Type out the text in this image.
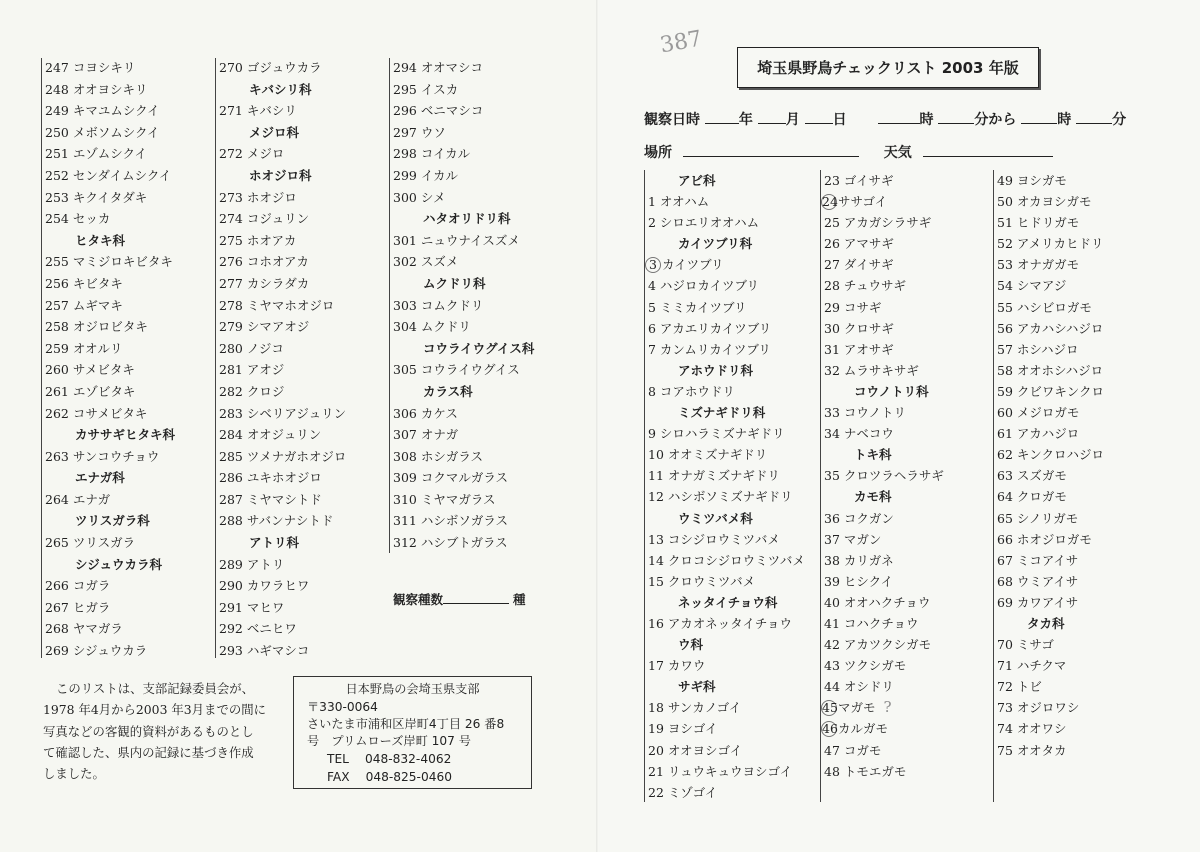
247 コヨシキリ
248 オオヨシキリ
249 キマユムシクイ
250 メボソムシクイ
251 エゾムシクイ
252 センダイムシクイ
253 キクイタダキ
254 セッカ
ヒタキ科
255 マミジロキビタキ
256 キビタキ
257 ムギマキ
258 オジロビタキ
259 オオルリ
260 サメビタキ
261 エゾビタキ
262 コサメビタキ
カササギヒタキ科
263 サンコウチョウ
エナガ科
264 エナガ
ツリスガラ科
265 ツリスガラ
シジュウカラ科
266 コガラ
267 ヒガラ
268 ヤマガラ
269 シジュウカラ
270 ゴジュウカラ
キバシリ科
271 キバシリ
メジロ科
272 メジロ
ホオジロ科
273 ホオジロ
274 コジュリン
275 ホオアカ
276 コホオアカ
277 カシラダカ
278 ミヤマホオジロ
279 シマアオジ
280 ノジコ
281 アオジ
282 クロジ
283 シベリアジュリン
284 オオジュリン
285 ツメナガホオジロ
286 ユキホオジロ
287 ミヤマシトド
288 サバンナシトド
アトリ科
289 アトリ
290 カワラヒワ
291 マヒワ
292 ベニヒワ
293 ハギマシコ
294 オオマシコ
295 イスカ
296 ベニマシコ
297 ウソ
298 コイカル
299 イカル
300 シメ
ハタオリドリ科
301 ニュウナイスズメ
302 スズメ
ムクドリ科
303 コムクドリ
304 ムクドリ
コウライウグイス科
305 コウライウグイス
カラス科
306 カケス
307 オナガ
308 ホシガラス
309 コクマルガラス
310 ミヤマガラス
311 ハシボソガラス
312 ハシブトガラス
観察種数	種
このリストは、支部記録委員会が、
1978 年4月から2003 年3月までの間に
写真などの客観的資料があるものとし
て確認した、県内の記録に基づき作成
しました。
日本野鳥の会埼玉県支部
〒330-0064
さいたま市浦和区岸町4丁目 26 番8
号　プリムローズ岸町 107 号
TEL　 048-832-4062
FAX　 048-825-0460
387
埼玉県野鳥チェックリスト 2003 年版
観察日時	年 月 日	時	分から	時	分
場所	天気
アビ科
1 オオハム
2 シロエリオオハム
カイツブリ科
3 カイツブリ
4 ハジロカイツブリ
5 ミミカイツブリ
6 アカエリカイツブリ
7 カンムリカイツブリ
アホウドリ科
8 コアホウドリ
ミズナギドリ科
9 シロハラミズナギドリ
10 オオミズナギドリ
11 オナガミズナギドリ
12 ハシボソミズナギドリ
ウミツバメ科
13 コシジロウミツバメ
14 クロコシジロウミツバメ
15 クロウミツバメ
ネッタイチョウ科
16 アカオネッタイチョウ
ウ科
17 カワウ
サギ科
18 サンカノゴイ
19 ヨシゴイ
20 オオヨシゴイ
21 リュウキュウヨシゴイ
22 ミゾゴイ
23 ゴイサギ
24ササゴイ
25 アカガシラサギ
26 アマサギ
27 ダイサギ
28 チュウサギ
29 コサギ
30 クロサギ
31 アオサギ
32 ムラサキサギ
コウノトリ科
33 コウノトリ
34 ナベコウ
トキ科
35 クロツラヘラサギ
カモ科
36 コクガン
37 マガン
38 カリガネ
39 ヒシクイ
40 オオハクチョウ
41 コハクチョウ
42 アカツクシガモ
43 ツクシガモ
44 オシドリ
45マガモ ?
46カルガモ
47 コガモ
48 トモエガモ
49 ヨシガモ
50 オカヨシガモ
51 ヒドリガモ
52 アメリカヒドリ
53 オナガガモ
54 シマアジ
55 ハシビロガモ
56 アカハシハジロ
57 ホシハジロ
58 オオホシハジロ
59 クビワキンクロ
60 メジロガモ
61 アカハジロ
62 キンクロハジロ
63 スズガモ
64 クロガモ
65 シノリガモ
66 ホオジロガモ
67 ミコアイサ
68 ウミアイサ
69 カワアイサ
タカ科
70 ミサゴ
71 ハチクマ
72 トビ
73 オジロワシ
74 オオワシ
75 オオタカ
